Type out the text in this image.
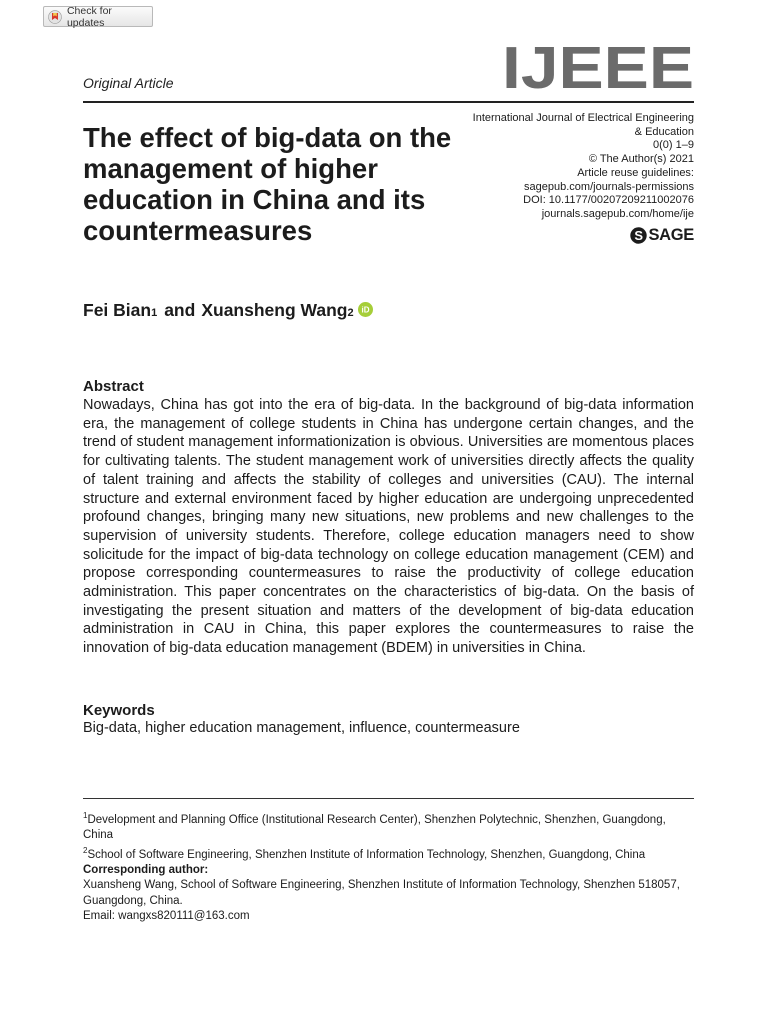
Check for updates
IJEEE
Original Article
The effect of big-data on the management of higher education in China and its countermeasures
International Journal of Electrical Engineering
& Education
0(0) 1–9
© The Author(s) 2021
Article reuse guidelines:
sagepub.com/journals-permissions
DOI: 10.1177/00207209211002076
journals.sagepub.com/home/ije
S SAGE
Fei Bian 1 and Xuansheng Wang 2 iD
Abstract

Nowadays, China has got into the era of big-data. In the background of big-data information era, the management of college students in China has undergone certain changes, and the trend of student management informationization is obvious. Universities are momentous places for cultivating talents. The student management work of universities directly affects the quality of talent training and affects the stability of colleges and universities (CAU). The internal structure and external environment faced by higher education are undergoing unprecedented profound changes, bringing many new situations, new problems and new challenges to the supervision of university students. Therefore, college education managers need to show solicitude for the impact of big-data technology on college education management (CEM) and propose corresponding countermeasures to raise the productivity of college education administration. This paper concentrates on the characteristics of big-data. On the basis of investigating the present situation and matters of the development of big-data education administration in CAU in China, this paper explores the countermeasures to raise the innovation of big-data education management (BDEM) in universities in China.

Keywords
Big-data, higher education management, influence, countermeasure

$^1$Development and Planning Office (Institutional Research Center), Shenzhen Polytechnic, Shenzhen, Guangdong, China

$^2$School of Software Engineering, Shenzhen Institute of Information Technology, Shenzhen, Guangdong, China

Corresponding author:

Xuansheng Wang, School of Software Engineering, Shenzhen Institute of Information Technology, Shenzhen 518057, Guangdong, China.

Email: wangxs820111@163.com
